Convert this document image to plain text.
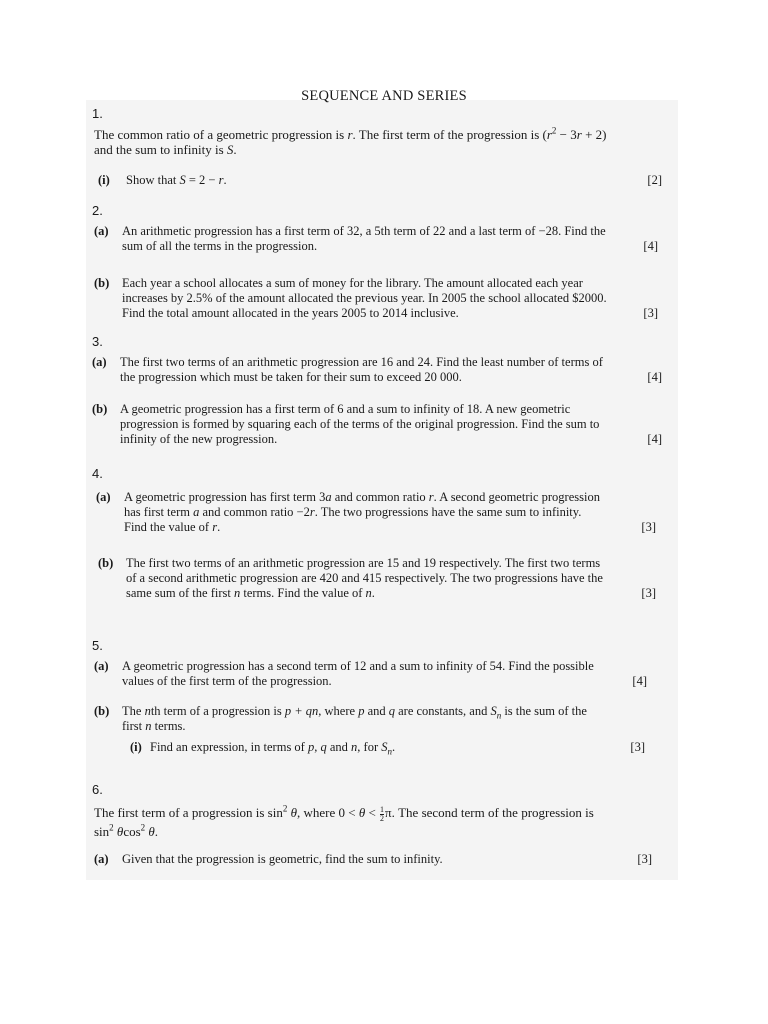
SEQUENCE AND SERIES
1.
The common ratio of a geometric progression is r. The first term of the progression is $(r^2 - 3r + 2)$
and the sum to infinity is S.
(i)	Show that S = 2 − r.	[2]
2.
(a)	An arithmetic progression has a first term of 32, a 5th term of 22 and a last term of −28. Find the
sum of all the terms in the progression.	[4]
(b)	Each year a school allocates a sum of money for the library. The amount allocated each year
increases by 2.5% of the amount allocated the previous year. In 2005 the school allocated $2000.
Find the total amount allocated in the years 2005 to 2014 inclusive.	[3]
3.
(a)	The first two terms of an arithmetic progression are 16 and 24. Find the least number of terms of
the progression which must be taken for their sum to exceed 20 000.	[4]
(b)	A geometric progression has a first term of 6 and a sum to infinity of 18. A new geometric
progression is formed by squaring each of the terms of the original progression. Find the sum to
infinity of the new progression.	[4]
4.
(a)	A geometric progression has first term 3a and common ratio r. A second geometric progression
has first term a and common ratio −2r. The two progressions have the same sum to infinity.
Find the value of r.	[3]
(b)	The first two terms of an arithmetic progression are 15 and 19 respectively. The first two terms
of a second arithmetic progression are 420 and 415 respectively. The two progressions have the
same sum of the first n terms. Find the value of n.	[3]
5.
(a)	A geometric progression has a second term of 12 and a sum to infinity of 54. Find the possible
values of the first term of the progression.	[4]
(b)	The nth term of a progression is p + qn, where p and q are constants, and $S_n$ is the sum of the
first n terms.
(i) Find an expression, in terms of p, q and n, for $S_n$.	[3]
6.
The first term of a progression is $\sin^2 \theta$, where $0 < \theta < \frac{1}{2} \pi$. The second term of the progression is
$\sin^2 \theta\cos^2$ θ.
(a)	Given that the progression is geometric, find the sum to infinity.	[3]
